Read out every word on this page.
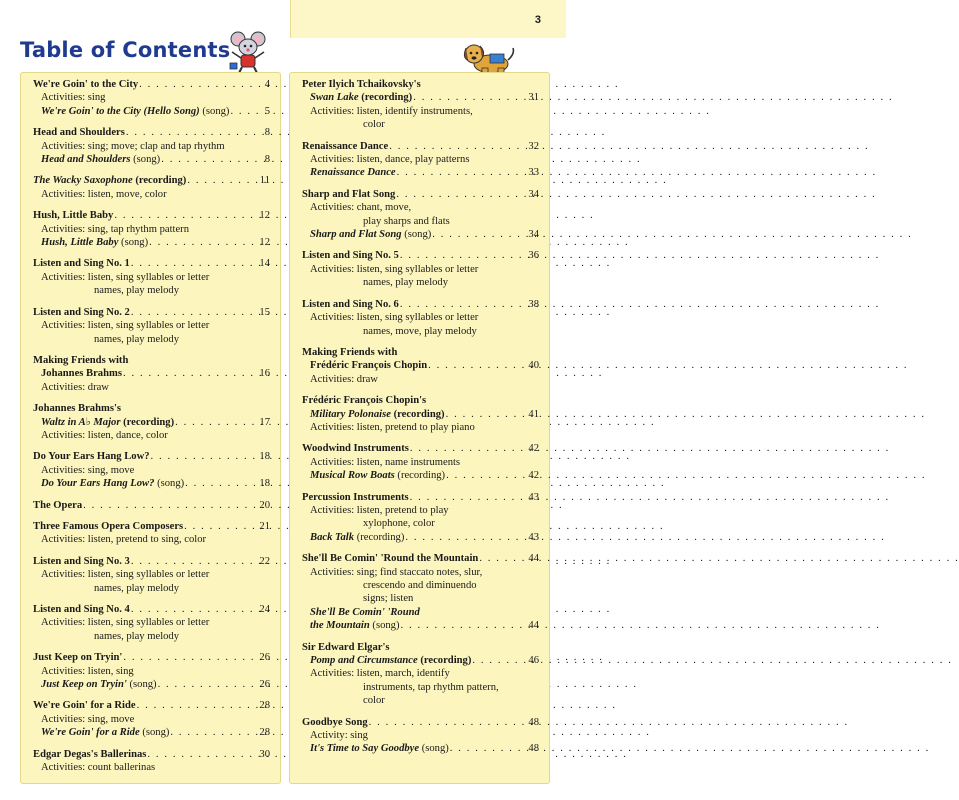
3
Table of Contents
We're Goin' to the City . . .	4
Activities: sing
We're Goin' to the City (Hello Song) (song) . . .	5
Head and Shoulders . . .	8
Activities: sing; move; clap and tap rhythm
Head and Shoulders (song) . . .	8
The Wacky Saxophone (recording) . . .	11
Activities: listen, move, color
Hush, Little Baby . . .	12
Activities: sing, tap rhythm pattern
Hush, Little Baby (song) . . .	12
Listen and Sing No. 1 . . .	14
Activities: listen, sing syllables or letter
names, play melody
Listen and Sing No. 2 . . .	15
Activities: listen, sing syllables or letter
names, play melody
Making Friends with
Johannes Brahms . . .	16
Activities: draw
Johannes Brahms's
Waltz in A♭ Major (recording) . . .	17
Activities: listen, dance, color
Do Your Ears Hang Low? . . .	18
Activities: sing, move
Do Your Ears Hang Low? (song) . . .	18
The Opera . . .	20
Three Famous Opera Composers . . .	21
Activities: listen, pretend to sing, color
Listen and Sing No. 3 . . .	22
Activities: listen, sing syllables or letter
names, play melody
Listen and Sing No. 4 . . .	24
Activities: listen, sing syllables or letter
names, play melody
Just Keep on Tryin' . . .	26
Activities: listen, sing
Just Keep on Tryin' (song) . . .	26
We're Goin' for a Ride . . .	28
Activities: sing, move
We're Goin' for a Ride (song) . . .	28
Edgar Degas's Ballerinas . . .	30
Activities: count ballerinas
Peter Ilyich Tchaikovsky's
Swan Lake (recording) . . .	31
Activities: listen, identify instruments,
color
Renaissance Dance . . .	32
Activities: listen, dance, play patterns
Renaissance Dance . . .	33
Sharp and Flat Song . . .	34
Activities: chant, move,
play sharps and flats
Sharp and Flat Song (song) . . .	34
Listen and Sing No. 5 . . .	36
Activities: listen, sing syllables or letter
names, play melody
Listen and Sing No. 6 . . .	38
Activities: listen, sing syllables or letter
names, move, play melody
Making Friends with
Frédéric François Chopin . . .	40
Activities: draw
Frédéric François Chopin's
Military Polonaise (recording) . . .	41
Activities: listen, pretend to play piano
Woodwind Instruments . . .	42
Activities: listen, name instruments
Musical Row Boats (recording) . . .	42
Percussion Instruments . . .	43
Activities: listen, pretend to play
xylophone, color
Back Talk (recording) . . .	43
She'll Be Comin' 'Round the Mountain . . .	44
Activities: sing; find staccato notes, slur,
crescendo and diminuendo
signs; listen
She'll Be Comin' 'Round
the Mountain (song) . . .	44
Sir Edward Elgar's
Pomp and Circumstance (recording) . . .	46
Activities: listen, march, identify
instruments, tap rhythm pattern,
color
Goodbye Song . . .	48
Activity: sing
It's Time to Say Goodbye (song) . . .	48
